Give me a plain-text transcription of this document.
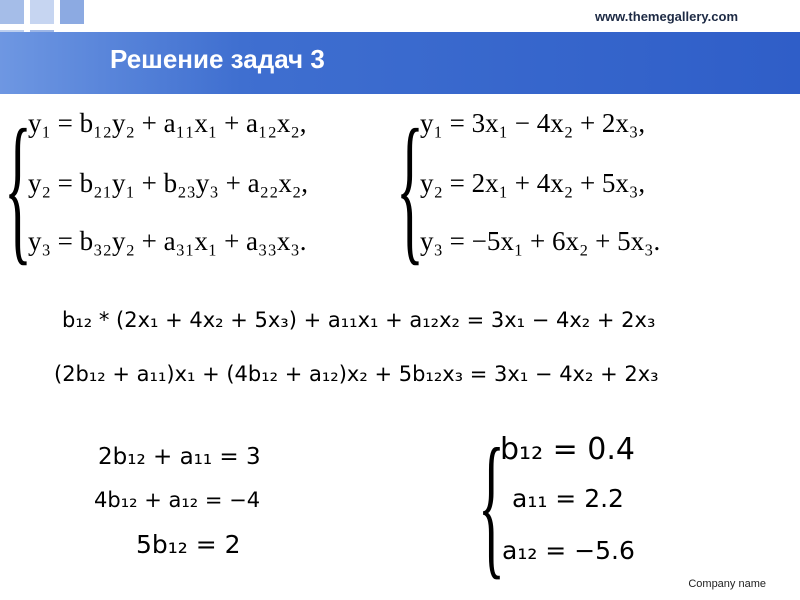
www.themegallery.com
Решение задач 3
{
y₁ = b₁₂y₂ + a₁₁x₁ + a₁₂x₂,
y₂ = b₂₁y₁ + b₂₃y₃ + a₂₂x₂,
y₃ = b₃₂y₂ + a₃₁x₁ + a₃₃x₃. {
y₁ = 3x₁ − 4x₂ + 2x₃,
y₂ = 2x₁ + 4x₂ + 5x₃,
y₃ = −5x₁ + 6x₂ + 5x₃.
b₁₂ * (2x₁ + 4x₂ + 5x₃) + a₁₁x₁ + a₁₂x₂ = 3x₁ − 4x₂ + 2x₃
(2b₁₂ + a₁₁)x₁ + (4b₁₂ + a₁₂)x₂ + 5b₁₂x₃ = 3x₁ − 4x₂ + 2x₃
2b₁₂ + a₁₁ = 3
4b₁₂ + a₁₂ = −4
5b₁₂ = 2 {
b₁₂ = 0.4
a₁₁ = 2.2
a₁₂ = −5.6
Company name
